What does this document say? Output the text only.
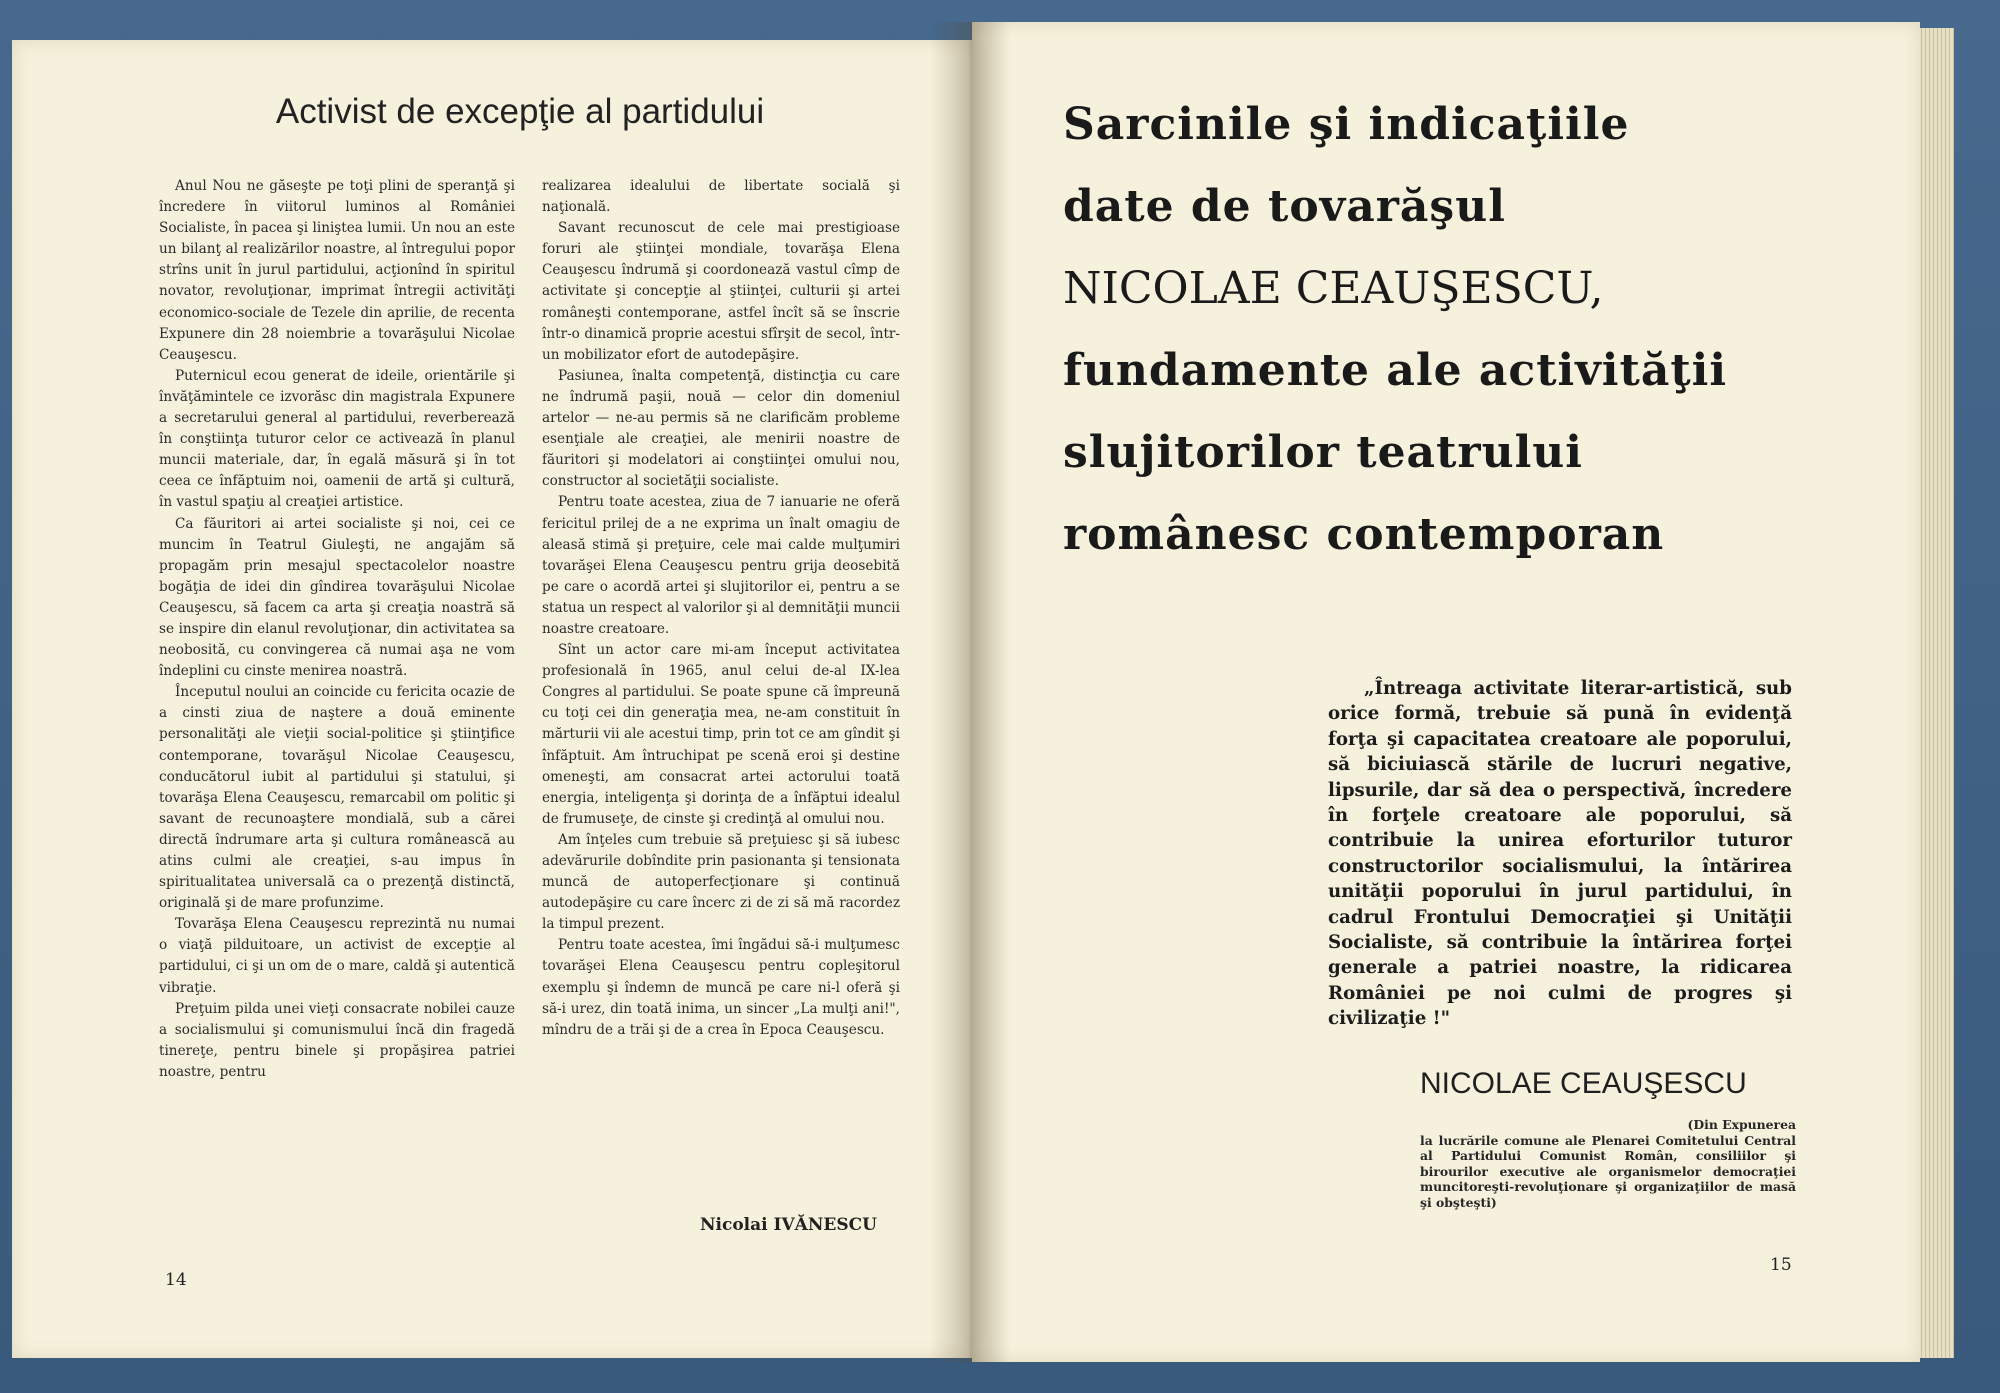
Activist de excepţie al partidului

Anul Nou ne găseşte pe toţi plini de speranţă şi încredere în viitorul luminos al României Socialiste, în pacea şi liniştea lumii. Un nou an este un bilanţ al realizărilor noastre, al întregului popor strîns unit în jurul partidului, acţionînd în spiritul novator, revoluţionar, imprimat întregii activităţi economico-sociale de Tezele din aprilie, de recenta Expunere din 28 noiembrie a tovarăşului Nicolae Ceauşescu.

Puternicul ecou generat de ideile, orientările şi învăţămintele ce izvorăsc din magistrala Expunere a secretarului general al partidului, reverberează în conştiinţa tuturor celor ce activează în planul muncii materiale, dar, în egală măsură şi în tot ceea ce înfăptuim noi, oamenii de artă şi cultură, în vastul spaţiu al creaţiei artistice.

Ca făuritori ai artei socialiste şi noi, cei ce muncim în Teatrul Giuleşti, ne angajăm să propagăm prin mesajul spectacolelor noastre bogăţia de idei din gîndirea tovarăşului Nicolae Ceauşescu, să facem ca arta şi creaţia noastră să se inspire din elanul revoluţionar, din activitatea sa neobosită, cu convingerea că numai aşa ne vom îndeplini cu cinste menirea noastră.

Începutul noului an coincide cu fericita ocazie de a cinsti ziua de naştere a două eminente personalităţi ale vieţii social-politice şi ştiinţifice contemporane, tovarăşul Nicolae Ceauşescu, conducătorul iubit al partidului şi statului, şi tovarăşa Elena Ceauşescu, remarcabil om politic şi savant de recunoaştere mondială, sub a cărei directă îndrumare arta şi cultura românească au atins culmi ale creaţiei, s-au impus în spiritualitatea universală ca o prezenţă distinctă, originală şi de mare profunzime.

Tovarăşa Elena Ceauşescu reprezintă nu numai o viaţă pilduitoare, un activist de excepţie al partidului, ci şi un om de o mare, caldă şi autentică vibraţie.

Preţuim pilda unei vieţi consacrate nobilei cauze a socialismului şi comunismului încă din fragedă tinereţe, pentru binele şi propăşirea patriei noastre, pentru

realizarea idealului de libertate socială şi naţională.

Savant recunoscut de cele mai prestigioase foruri ale ştiinţei mondiale, tovarăşa Elena Ceauşescu îndrumă şi coordonează vastul cîmp de activitate şi concepţie al ştiinţei, culturii şi artei româneşti contemporane, astfel încît să se înscrie într-o dinamică proprie acestui sfîrşit de secol, într-un mobilizator efort de autodepăşire.

Pasiunea, înalta competenţă, distincţia cu care ne îndrumă paşii, nouă — celor din domeniul artelor — ne-au permis să ne clarificăm probleme esenţiale ale creaţiei, ale menirii noastre de făuritori şi modelatori ai conştiinţei omului nou, constructor al societăţii socialiste.

Pentru toate acestea, ziua de 7 ianuarie ne oferă fericitul prilej de a ne exprima un înalt omagiu de aleasă stimă şi preţuire, cele mai calde mulţumiri tovarăşei Elena Ceauşescu pentru grija deosebită pe care o acordă artei şi slujitorilor ei, pentru a se statua un respect al valorilor şi al demnităţii muncii noastre creatoare.

Sînt un actor care mi-am început activitatea profesională în 1965, anul celui de-al IX-lea Congres al partidului. Se poate spune că împreună cu toţi cei din generaţia mea, ne-am constituit în mărturii vii ale acestui timp, prin tot ce am gîndit şi înfăptuit. Am întruchipat pe scenă eroi şi destine omeneşti, am consacrat artei actorului toată energia, inteligenţa şi dorinţa de a înfăptui idealul de frumuseţe, de cinste şi credinţă al omului nou.

Am înţeles cum trebuie să preţuiesc şi să iubesc adevărurile dobîndite prin pasionanta şi tensionata muncă de autoperfecţionare şi continuă autodepăşire cu care încerc zi de zi să mă racordez la timpul prezent.

Pentru toate acestea, îmi îngădui să-i mulţumesc tovarăşei Elena Ceauşescu pentru copleşitorul exemplu şi îndemn de muncă pe care ni-l oferă şi să-i urez, din toată inima, un sincer „La mulţi ani!", mîndru de a trăi şi de a crea în Epoca Ceauşescu.

Nicolai IVĂNESCU
14
Sarcinile şi indicaţiile
date de tovarăşul
NICOLAE CEAUŞESCU,
fundamente ale activităţii
slujitorilor teatrului
românesc contemporan

„Întreaga activitate literar-artistică, sub orice formă, trebuie să pună în evidenţă forţa şi capacitatea creatoare ale poporului, să biciuiască stările de lucruri negative, lipsurile, dar să dea o perspectivă, încredere în forţele creatoare ale poporului, să contribuie la unirea eforturilor tuturor constructorilor socialismului, la întărirea unităţii poporului în jurul partidului, în cadrul Frontului Democraţiei şi Unităţii Socialiste, să contribuie la întărirea forţei generale a patriei noastre, la ridicarea României pe noi culmi de progres şi civilizaţie !"

NICOLAE CEAUŞESCU

(Din Expunerea
la lucrările comune ale Plenarei Comitetului Central al Partidului Comunist Român, consiliilor şi birourilor executive ale organismelor democraţiei muncitoreşti-revoluţionare şi organizaţiilor de masă şi obşteşti)

15
